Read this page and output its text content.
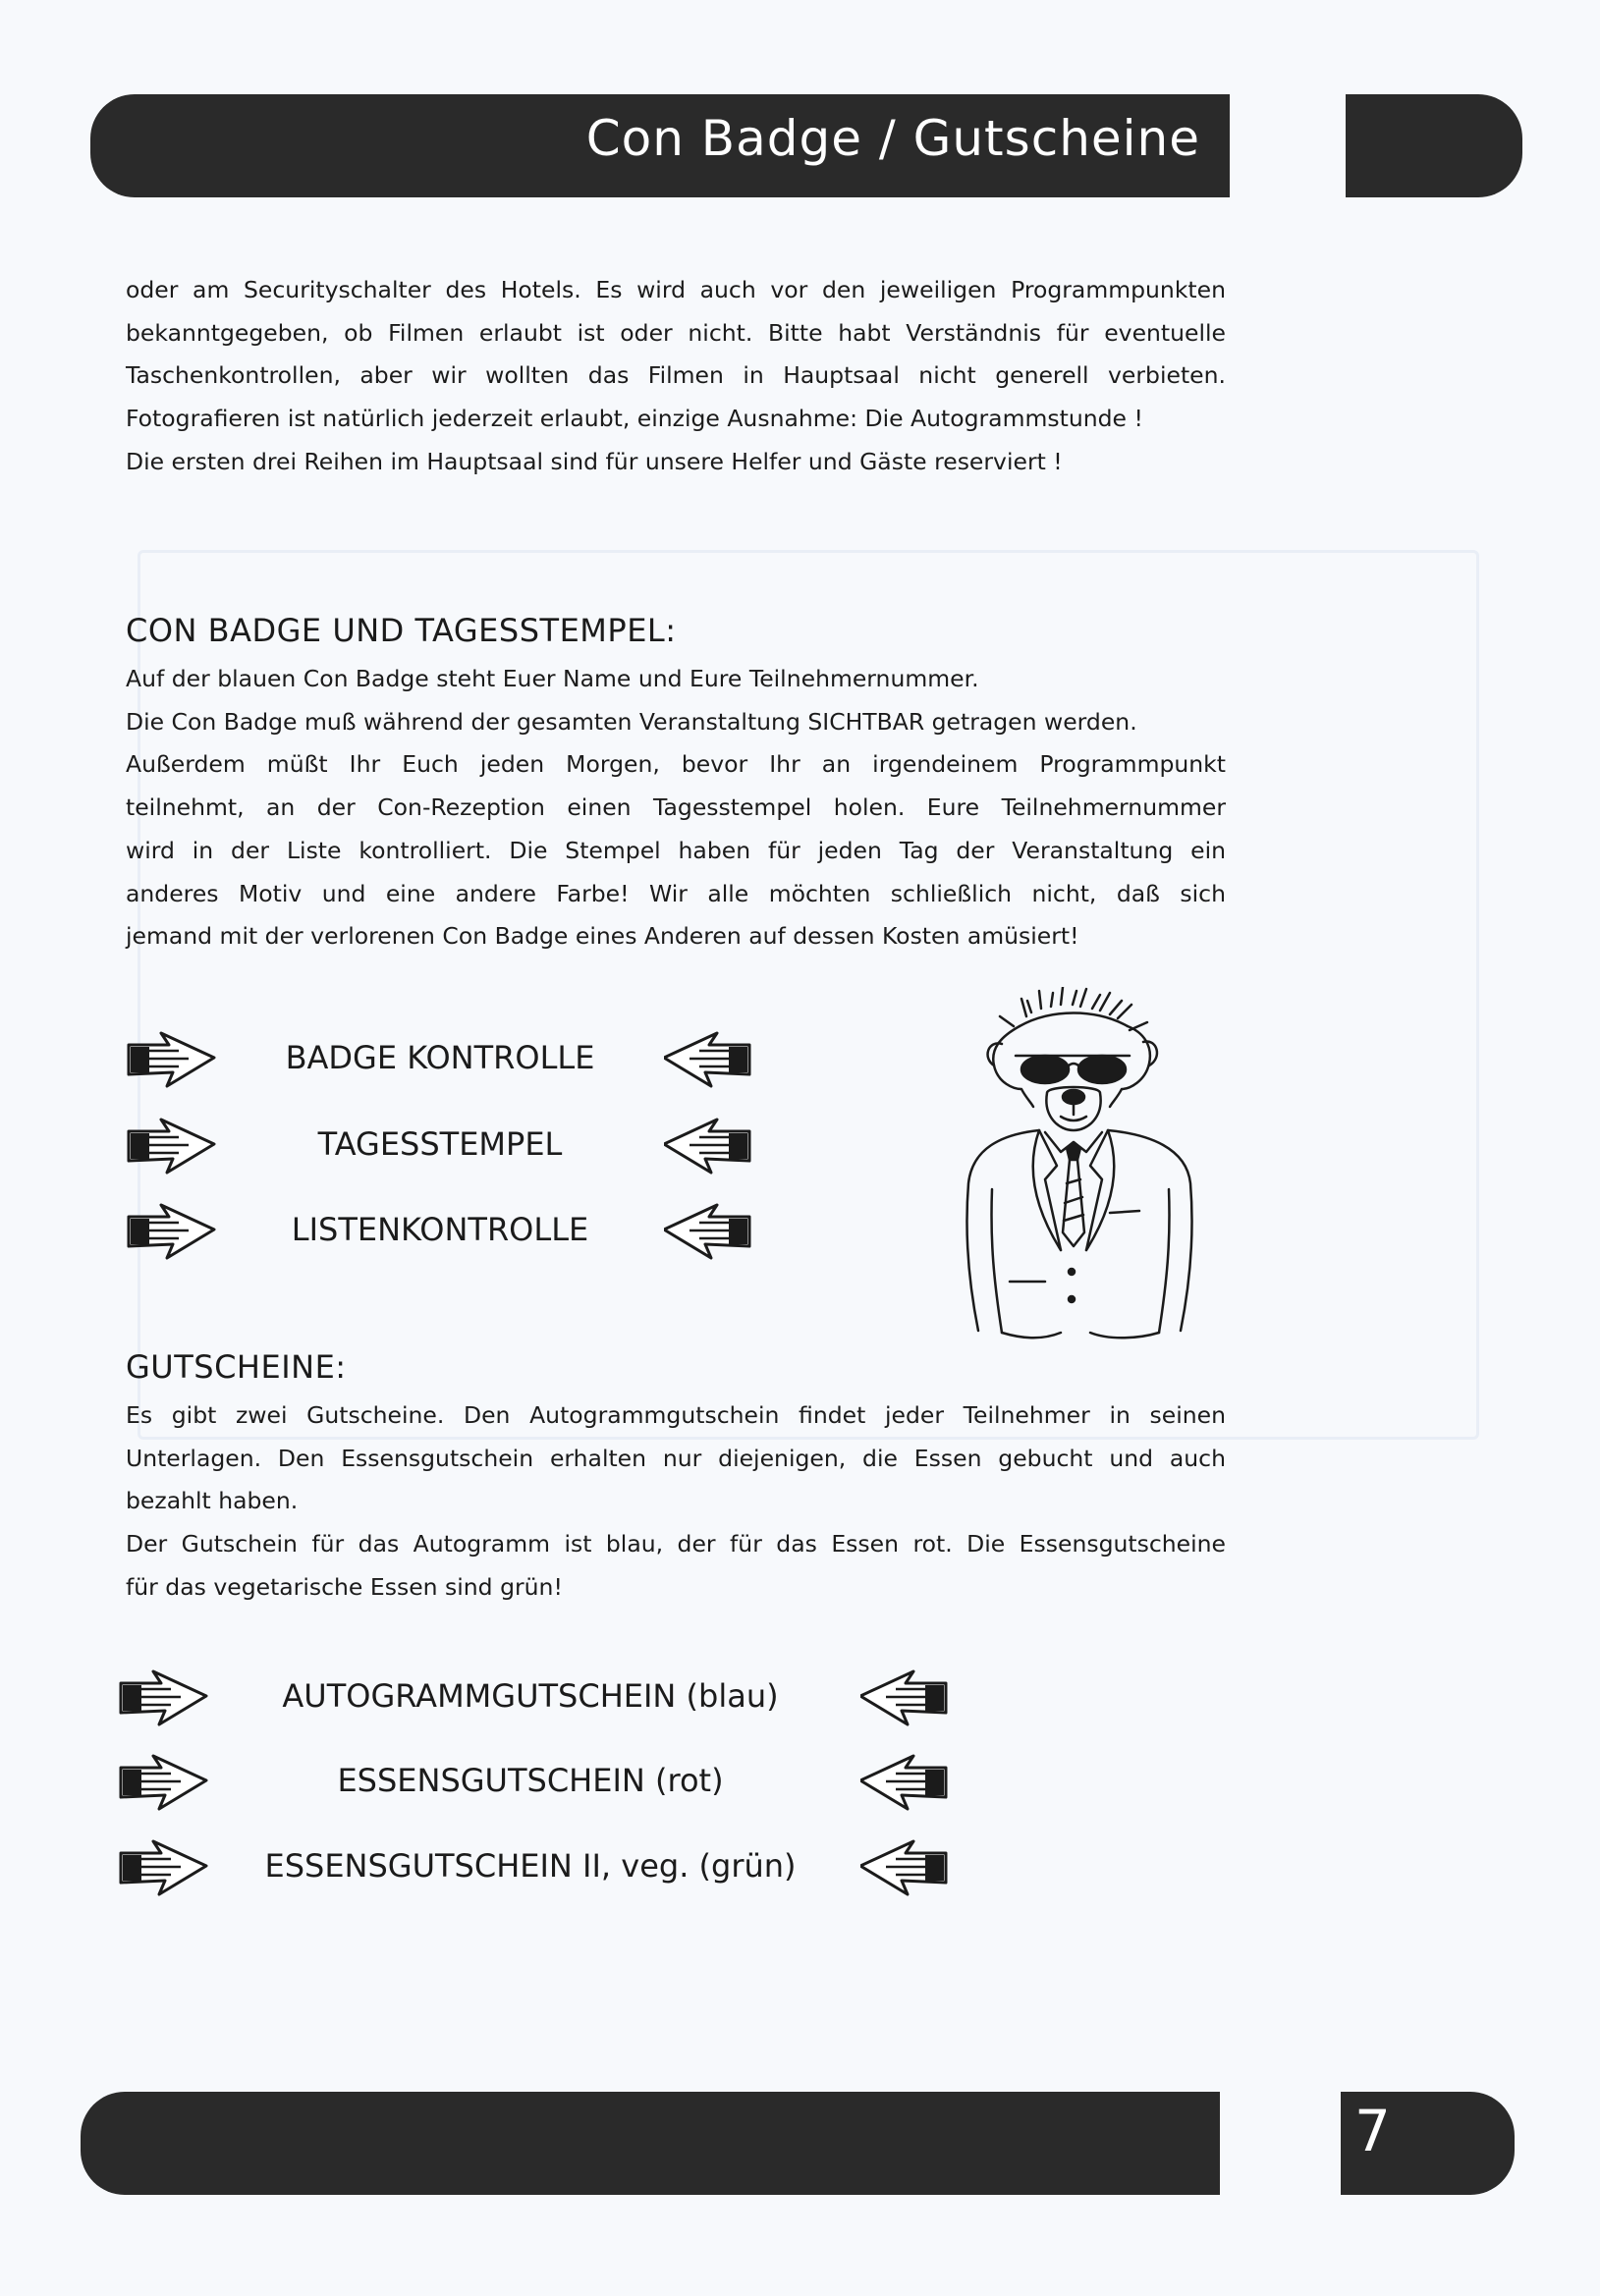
Con Badge / Gutscheine
oder am Securityschalter des Hotels. Es wird auch vor den jeweiligen Programmpunkten
bekanntgegeben, ob Filmen erlaubt ist oder nicht. Bitte habt Verständnis für eventuelle
Taschenkontrollen, aber wir wollten das Filmen in Hauptsaal nicht generell verbieten.
Fotografieren ist natürlich jederzeit erlaubt, einzige Ausnahme: Die Autogrammstunde !
Die ersten drei Reihen im Hauptsaal sind für unsere Helfer und Gäste reserviert !
CON BADGE UND TAGESSTEMPEL:
Auf der blauen Con Badge steht Euer Name und Eure Teilnehmernummer.
Die Con Badge muß während der gesamten Veranstaltung SICHTBAR getragen werden.
Außerdem müßt Ihr Euch jeden Morgen, bevor Ihr an irgendeinem Programmpunkt
teilnehmt, an der Con-Rezeption einen Tagesstempel holen. Eure Teilnehmernummer
wird in der Liste kontrolliert. Die Stempel haben für jeden Tag der Veranstaltung ein
anderes Motiv und eine andere Farbe! Wir alle möchten schließlich nicht, daß sich
jemand mit der verlorenen Con Badge eines Anderen auf dessen Kosten amüsiert!
BADGE KONTROLLE
TAGESSTEMPEL
LISTENKONTROLLE
GUTSCHEINE:
Es gibt zwei Gutscheine. Den Autogrammgutschein findet jeder Teilnehmer in seinen
Unterlagen. Den Essensgutschein erhalten nur diejenigen, die Essen gebucht und auch
bezahlt haben.
Der Gutschein für das Autogramm ist blau, der für das Essen rot. Die Essensgutscheine
für das vegetarische Essen sind grün!
AUTOGRAMMGUTSCHEIN (blau)
ESSENSGUTSCHEIN (rot)
ESSENSGUTSCHEIN II, veg. (grün)
7
